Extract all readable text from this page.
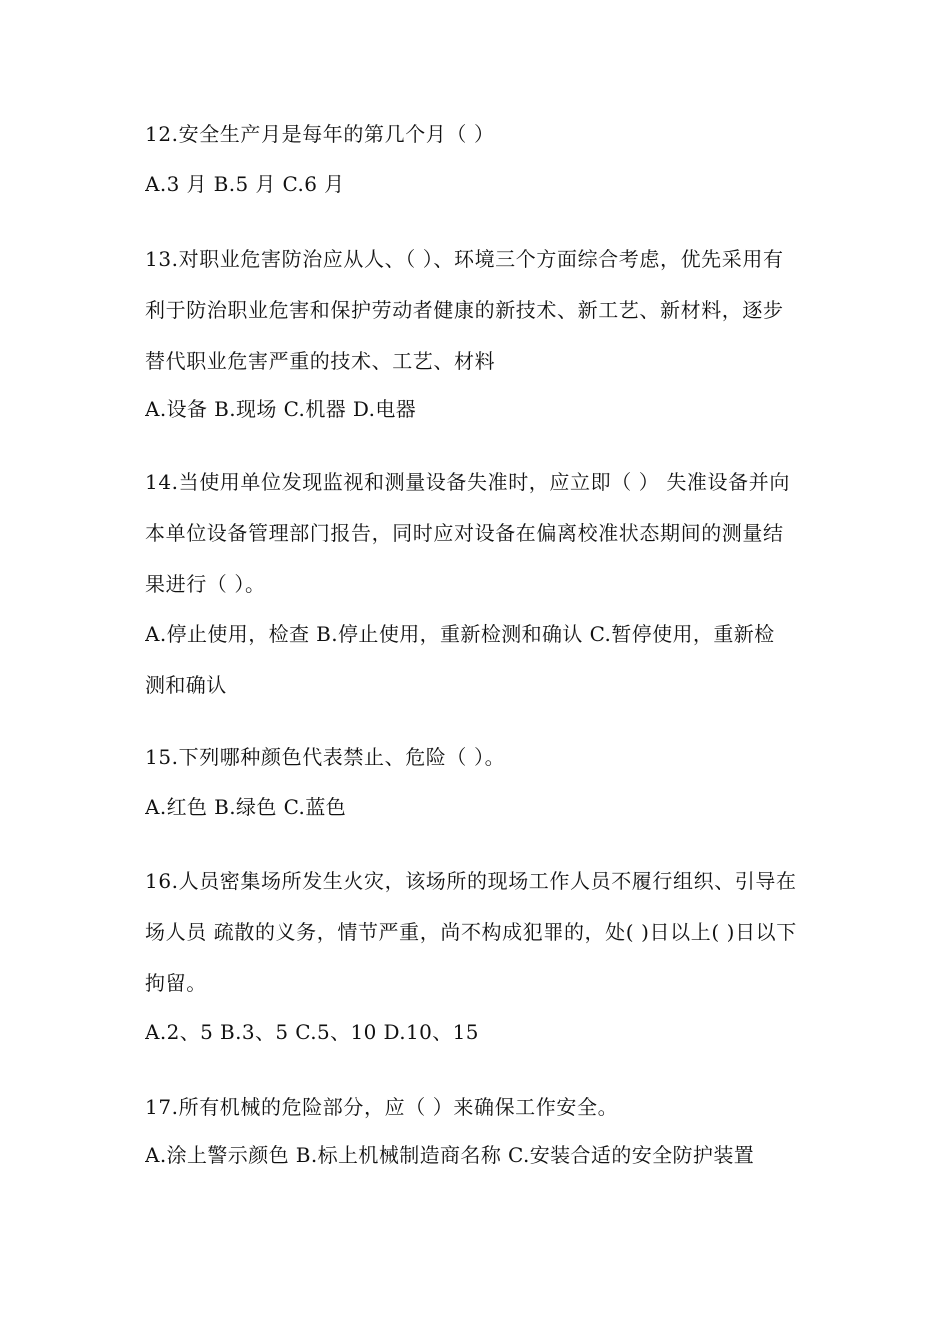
12.安全生产月是每年的第几个月（ ）
A.3 月 B.5 月 C.6 月
13.对职业危害防治应从人、（ ）、环境三个方面综合考虑，优先采用有
利于防治职业危害和保护劳动者健康的新技术、新工艺、新材料，逐步
替代职业危害严重的技术、工艺、材料
A.设备 B.现场 C.机器 D.电器
14.当使用单位发现监视和测量设备失准时，应立即（ ） 失准设备并向
本单位设备管理部门报告，同时应对设备在偏离校准状态期间的测量结
果进行（ ）。
A.停止使用，检查 B.停止使用，重新检测和确认 C.暂停使用，重新检
测和确认
15.下列哪种颜色代表禁止、危险（ ）。
A.红色 B.绿色 C.蓝色
16.人员密集场所发生火灾，该场所的现场工作人员不履行组织、引导在
场人员 疏散的义务，情节严重，尚不构成犯罪的，处( )日以上( )日以下
拘留。
A.2、5 B.3、5 C.5、10 D.10、15
17.所有机械的危险部分，应（ ）来确保工作安全。
A.涂上警示颜色 B.标上机械制造商名称 C.安装合适的安全防护装置
